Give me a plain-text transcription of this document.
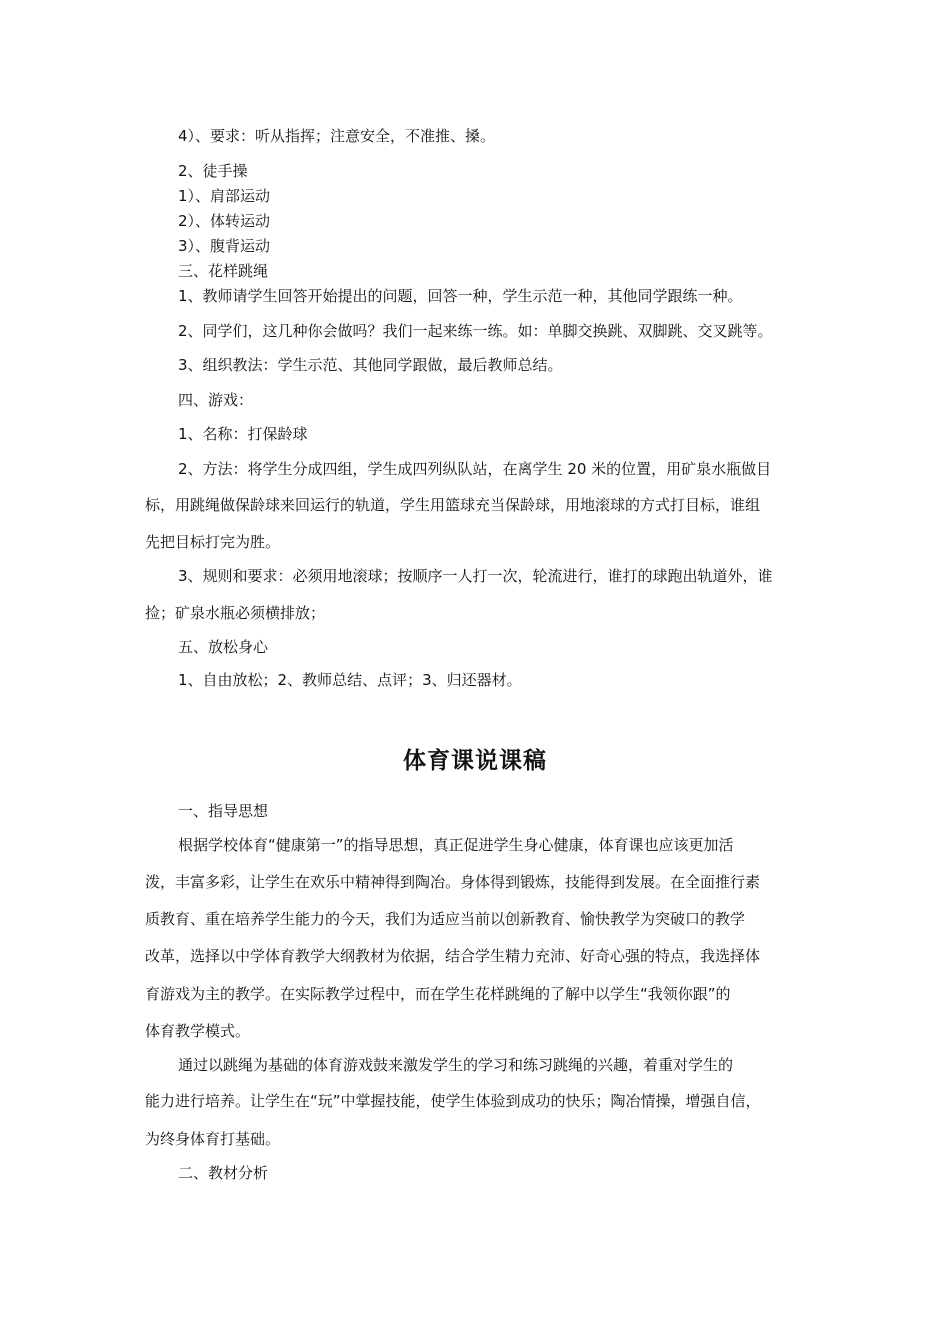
4）、要求：听从指挥；注意安全，不准推、搡。
2、徒手操
1）、肩部运动
2）、体转运动
3）、腹背运动
三、花样跳绳
1、教师请学生回答开始提出的问题，回答一种，学生示范一种，其他同学跟练一种。
2、同学们，这几种你会做吗？我们一起来练一练。如：单脚交换跳、双脚跳、交叉跳等。
3、组织教法：学生示范、其他同学跟做，最后教师总结。
四、游戏：
1、名称：打保龄球
2、方法：将学生分成四组，学生成四列纵队站，在离学生 20 米的位置，用矿泉水瓶做目
标，用跳绳做保龄球来回运行的轨道，学生用篮球充当保龄球，用地滚球的方式打目标，谁组
先把目标打完为胜。
3、规则和要求：必须用地滚球；按顺序一人打一次，轮流进行，谁打的球跑出轨道外，谁
捡；矿泉水瓶必须横排放；
五、放松身心
1、自由放松；2、教师总结、点评；3、归还器材。
体育课说课稿
一、指导思想
根据学校体育“健康第一”的指导思想，真正促进学生身心健康，体育课也应该更加活
泼，丰富多彩，让学生在欢乐中精神得到陶冶。身体得到锻炼，技能得到发展。在全面推行素
质教育、重在培养学生能力的今天，我们为适应当前以创新教育、愉快教学为突破口的教学
改革，选择以中学体育教学大纲教材为依据，结合学生精力充沛、好奇心强的特点，我选择体
育游戏为主的教学。在实际教学过程中，而在学生花样跳绳的了解中以学生“我领你跟”的
体育教学模式。
通过以跳绳为基础的体育游戏鼓来激发学生的学习和练习跳绳的兴趣，着重对学生的
能力进行培养。让学生在“玩”中掌握技能，使学生体验到成功的快乐；陶冶情操，增强自信，
为终身体育打基础。
二、教材分析
